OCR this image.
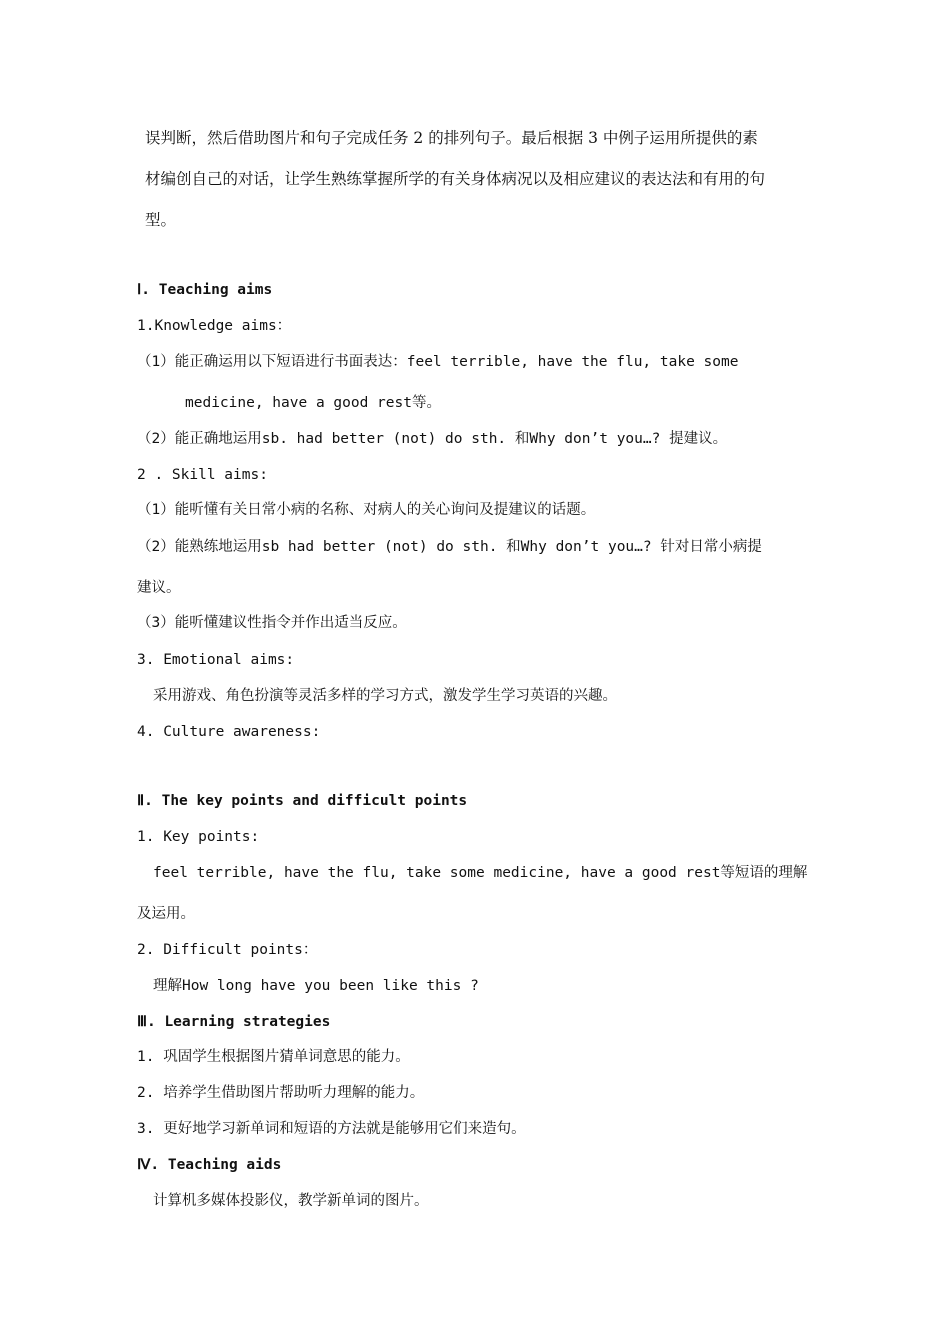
误判断，然后借助图片和句子完成任务 2 的排列句子。最后根据 3 中例子运用所提供的素
材编创自己的对话，让学生熟练掌握所学的有关身体病况以及相应建议的表达法和有用的句
型。
Ⅰ. Teaching aims
1.Knowledge aims：
（1）能正确运用以下短语进行书面表达：feel terrible, have the flu, take some
medicine, have a good rest等。
（2）能正确地运用sb. had better (not) do sth. 和Why don’t you…? 提建议。
2 . Skill aims:
（1）能听懂有关日常小病的名称、对病人的关心询问及提建议的话题。
（2）能熟练地运用sb had better (not) do sth. 和Why don’t you…? 针对日常小病提
建议。
（3）能听懂建议性指令并作出适当反应。
3. Emotional aims:
采用游戏、角色扮演等灵活多样的学习方式，激发学生学习英语的兴趣。
4. Culture awareness:
Ⅱ. The key points and difficult points
1. Key points:
feel terrible, have the flu, take some medicine, have a good rest等短语的理解
及运用。
2. Difficult points：
理解How long have you been like this ?
Ⅲ. Learning strategies
1. 巩固学生根据图片猜单词意思的能力。
2. 培养学生借助图片帮助听力理解的能力。
3. 更好地学习新单词和短语的方法就是能够用它们来造句。
Ⅳ. Teaching aids
计算机多媒体投影仪，教学新单词的图片。
